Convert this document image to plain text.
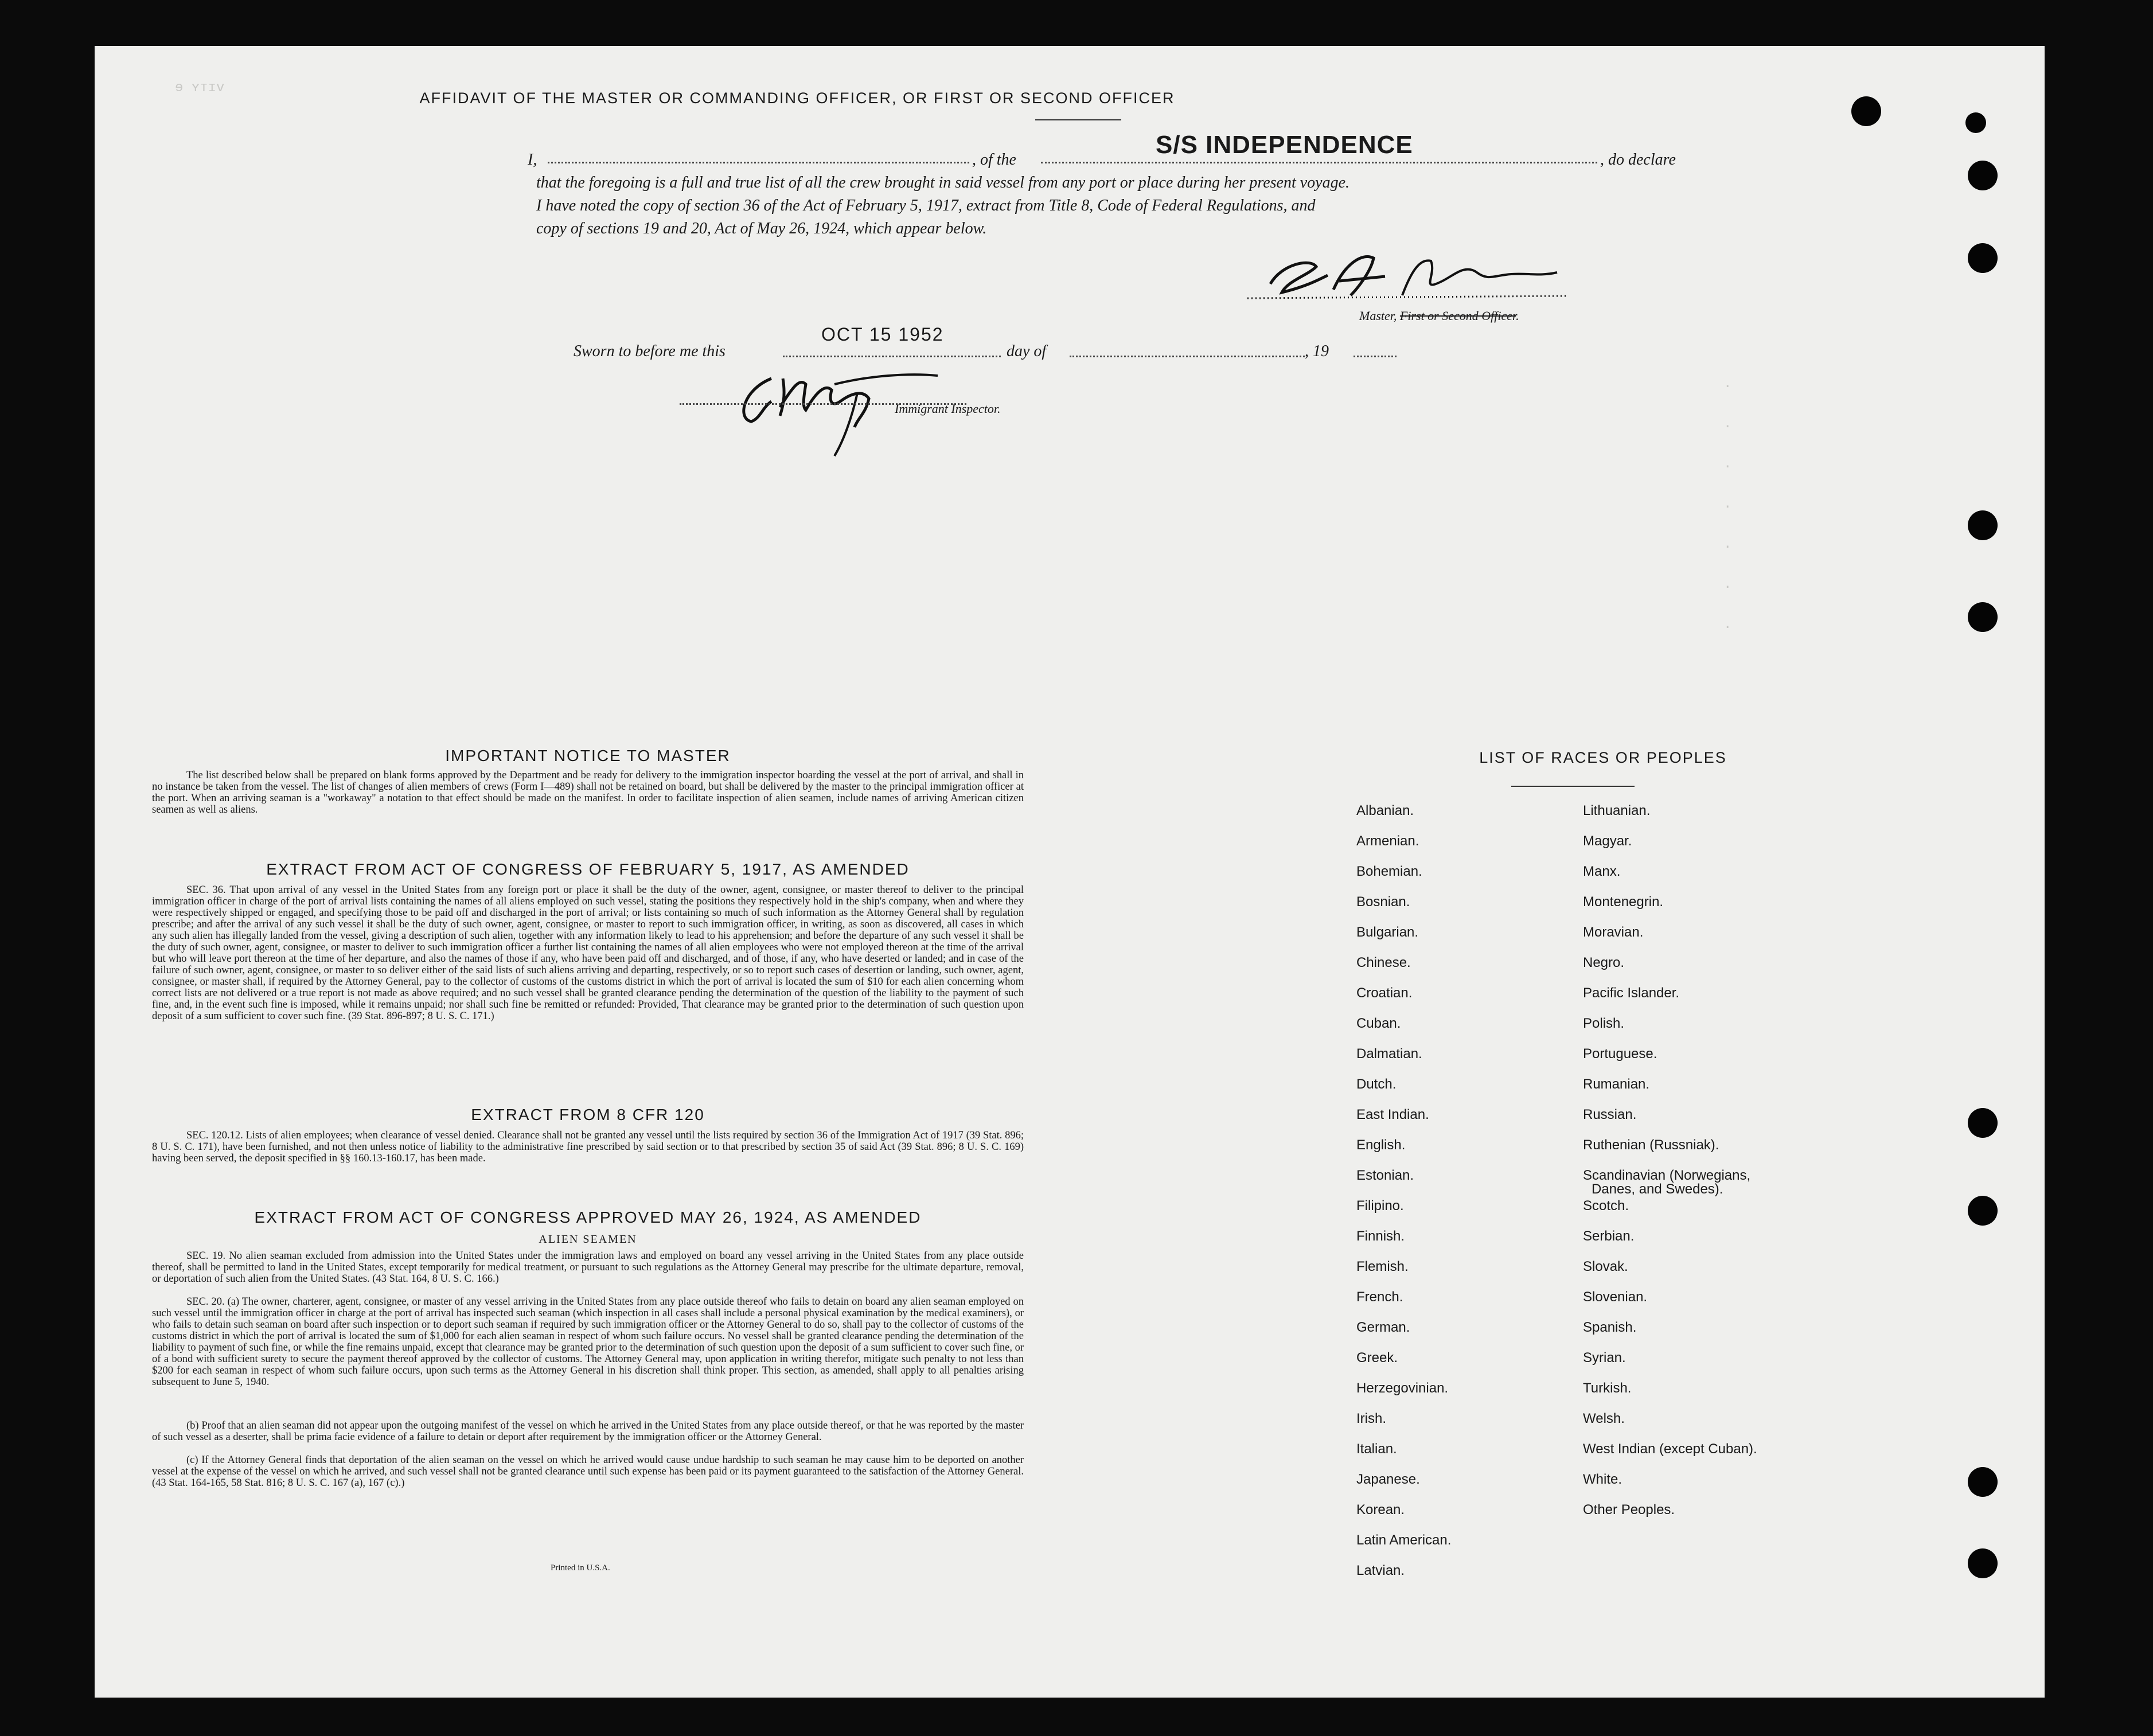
ɘ ʏᴛɪᴠ
AFFIDAVIT OF THE MASTER OR COMMANDING OFFICER, OR FIRST OR SECOND OFFICER
I,	, of the
S/S INDEPENDENCE
, do declare
that the foregoing is a full and true list of all the crew brought in said vessel from any port or place during her present voyage.
I have noted the copy of section 36 of the Act of February 5, 1917, extract from Title 8, Code of Federal Regulations, and
copy of sections 19 and 20, Act of May 26, 1924, which appear below.
Master, First or Second Officer.
Sworn to before me this
OCT 15 1952
day of	, 19
Immigrant Inspector.
·
·
·
·
·
·
·
IMPORTANT NOTICE TO MASTER
The list described below shall be prepared on blank forms approved by the Department and be ready for delivery to the immigration inspector boarding the vessel at the port of arrival, and shall in no instance be taken from the vessel. The list of changes of alien members of crews (Form I—489) shall not be retained on board, but shall be delivered by the master to the principal immigration officer at the port. When an arriving seaman is a "workaway" a notation to that effect should be made on the manifest. In order to facilitate inspection of alien seamen, include names of arriving American citizen seamen as well as aliens.
EXTRACT FROM ACT OF CONGRESS OF FEBRUARY 5, 1917, AS AMENDED
SEC. 36. That upon arrival of any vessel in the United States from any foreign port or place it shall be the duty of the owner, agent, consignee, or master thereof to deliver to the principal immigration officer in charge of the port of arrival lists containing the names of all aliens employed on such vessel, stating the positions they respectively hold in the ship's company, when and where they were respectively shipped or engaged, and specifying those to be paid off and discharged in the port of arrival; or lists containing so much of such information as the Attorney General shall by regulation prescribe; and after the arrival of any such vessel it shall be the duty of such owner, agent, consignee, or master to report to such immigration officer, in writing, as soon as discovered, all cases in which any such alien has illegally landed from the vessel, giving a description of such alien, together with any information likely to lead to his apprehension; and before the departure of any such vessel it shall be the duty of such owner, agent, consignee, or master to deliver to such immigration officer a further list containing the names of all alien employees who were not employed thereon at the time of the arrival but who will leave port thereon at the time of her departure, and also the names of those if any, who have been paid off and discharged, and of those, if any, who have deserted or landed; and in case of the failure of such owner, agent, consignee, or master to so deliver either of the said lists of such aliens arriving and departing, respectively, or so to report such cases of desertion or landing, such owner, agent, consignee, or master shall, if required by the Attorney General, pay to the collector of customs of the customs district in which the port of arrival is located the sum of $10 for each alien concerning whom correct lists are not delivered or a true report is not made as above required; and no such vessel shall be granted clearance pending the determination of the question of the liability to the payment of such fine, and, in the event such fine is imposed, while it remains unpaid; nor shall such fine be remitted or refunded: Provided, That clearance may be granted prior to the determination of such question upon deposit of a sum sufficient to cover such fine. (39 Stat. 896-897; 8 U. S. C. 171.)
EXTRACT FROM 8 CFR 120
SEC. 120.12. Lists of alien employees; when clearance of vessel denied. Clearance shall not be granted any vessel until the lists required by section 36 of the Immigration Act of 1917 (39 Stat. 896; 8 U. S. C. 171), have been furnished, and not then unless notice of liability to the administrative fine prescribed by said section or to that prescribed by section 35 of said Act (39 Stat. 896; 8 U. S. C. 169) having been served, the deposit specified in §§ 160.13-160.17, has been made.
EXTRACT FROM ACT OF CONGRESS APPROVED MAY 26, 1924, AS AMENDED
ALIEN SEAMEN
SEC. 19. No alien seaman excluded from admission into the United States under the immigration laws and employed on board any vessel arriving in the United States from any place outside thereof, shall be permitted to land in the United States, except temporarily for medical treatment, or pursuant to such regulations as the Attorney General may prescribe for the ultimate departure, removal, or deportation of such alien from the United States. (43 Stat. 164, 8 U. S. C. 166.)
SEC. 20. (a) The owner, charterer, agent, consignee, or master of any vessel arriving in the United States from any place outside thereof who fails to detain on board any alien seaman employed on such vessel until the immigration officer in charge at the port of arrival has inspected such seaman (which inspection in all cases shall include a personal physical examination by the medical examiners), or who fails to detain such seaman on board after such inspection or to deport such seaman if required by such immigration officer or the Attorney General to do so, shall pay to the collector of customs of the customs district in which the port of arrival is located the sum of $1,000 for each alien seaman in respect of whom such failure occurs. No vessel shall be granted clearance pending the determination of the liability to payment of such fine, or while the fine remains unpaid, except that clearance may be granted prior to the determination of such question upon the deposit of a sum sufficient to cover such fine, or of a bond with sufficient surety to secure the payment thereof approved by the collector of customs. The Attorney General may, upon application in writing therefor, mitigate such penalty to not less than $200 for each seaman in respect of whom such failure occurs, upon such terms as the Attorney General in his discretion shall think proper. This section, as amended, shall apply to all penalties arising subsequent to June 5, 1940.
(b) Proof that an alien seaman did not appear upon the outgoing manifest of the vessel on which he arrived in the United States from any place outside thereof, or that he was reported by the master of such vessel as a deserter, shall be prima facie evidence of a failure to detain or deport after requirement by the immigration officer or the Attorney General.
(c) If the Attorney General finds that deportation of the alien seaman on the vessel on which he arrived would cause undue hardship to such seaman he may cause him to be deported on another vessel at the expense of the vessel on which he arrived, and such vessel shall not be granted clearance until such expense has been paid or its payment guaranteed to the satisfaction of the Attorney General. (43 Stat. 164-165, 58 Stat. 816; 8 U. S. C. 167 (a), 167 (c).)
Printed in U.S.A.
LIST OF RACES OR PEOPLES
Albanian.
Armenian.
Bohemian.
Bosnian.
Bulgarian.
Chinese.
Croatian.
Cuban.
Dalmatian.
Dutch.
East Indian.
English.
Estonian.
Filipino.
Finnish.
Flemish.
French.
German.
Greek.
Herzegovinian.
Irish.
Italian.
Japanese.
Korean.
Latin American.
Latvian.
Lithuanian.
Magyar.
Manx.
Montenegrin.
Moravian.
Negro.
Pacific Islander.
Polish.
Portuguese.
Rumanian.
Russian.
Ruthenian (Russniak).
Scandinavian (Norwegians,
Danes, and Swedes).
Scotch.
Serbian.
Slovak.
Slovenian.
Spanish.
Syrian.
Turkish.
Welsh.
West Indian (except Cuban).
White.
Other Peoples.
